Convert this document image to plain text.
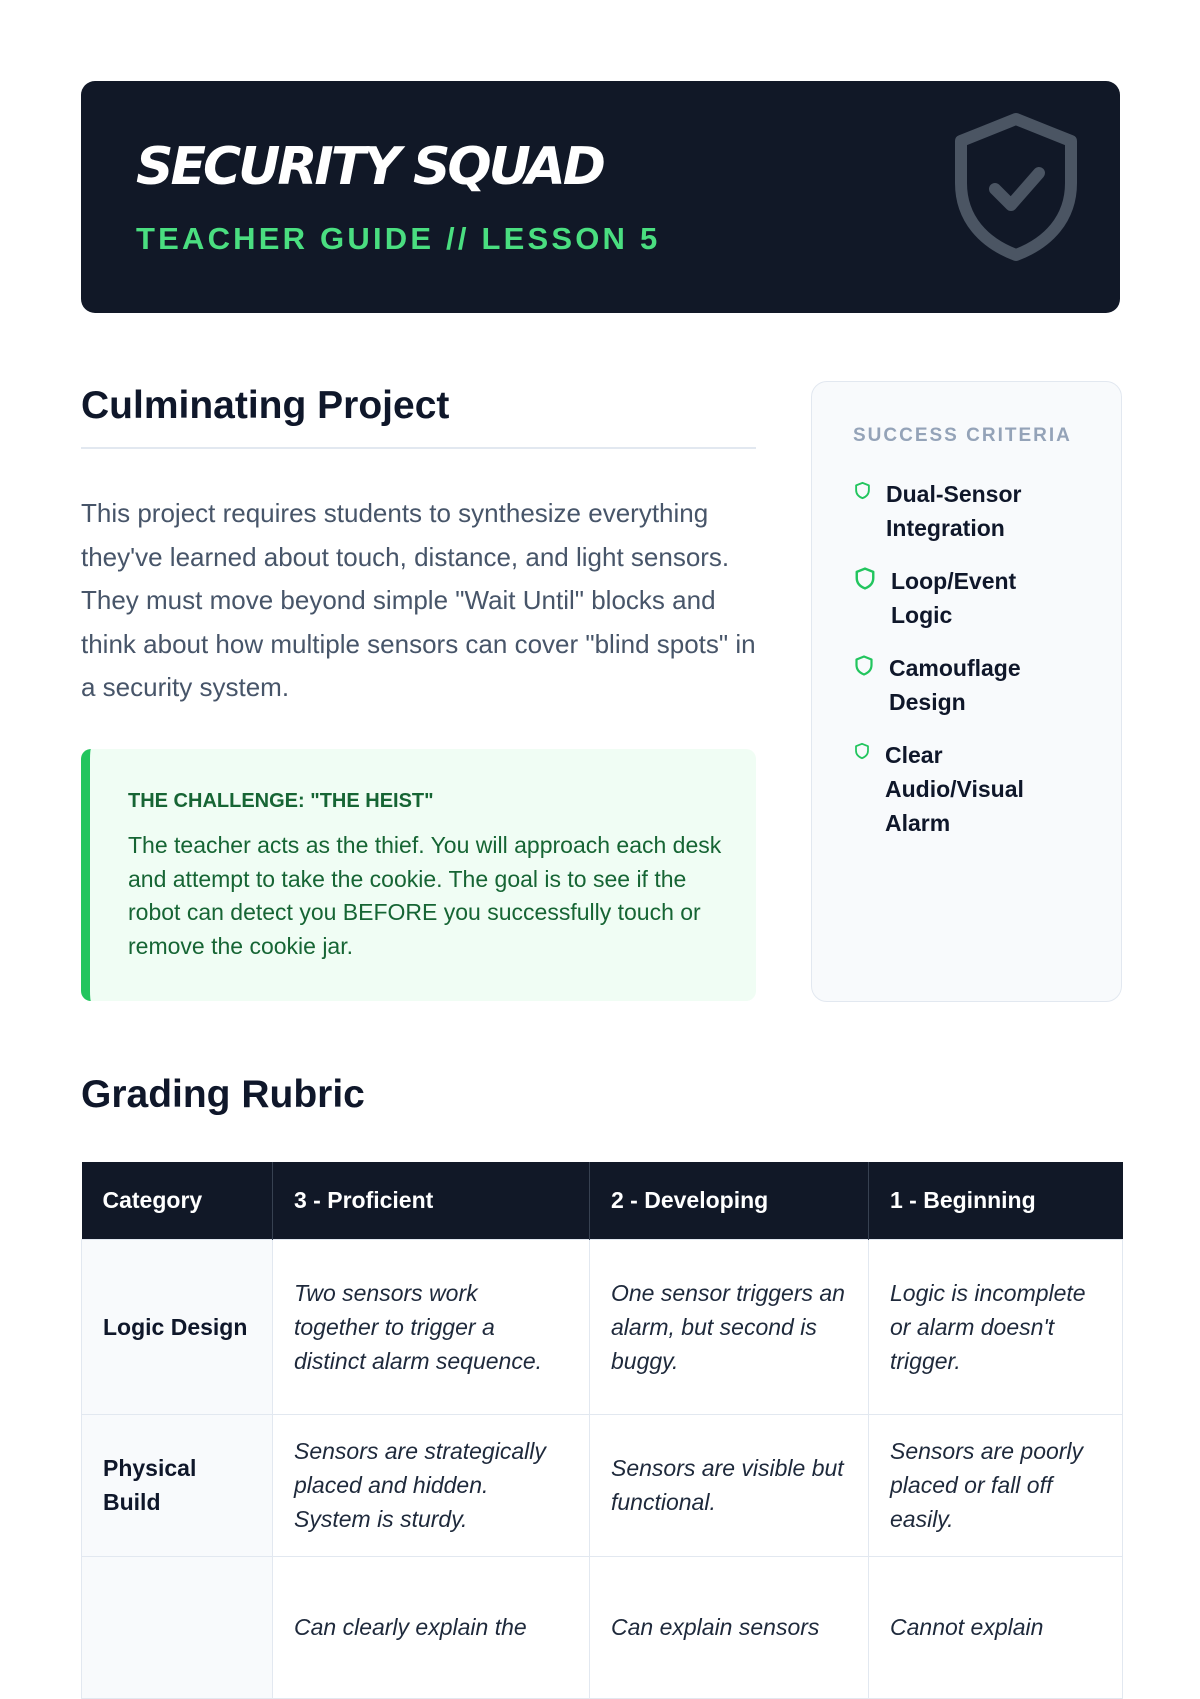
SECURITY SQUAD

TEACHER GUIDE // LESSON 5

Culminating Project

This project requires students to synthesize everything they've learned about touch, distance, and light sensors. They must move beyond simple "Wait Until" blocks and think about how multiple sensors can cover "blind spots" in a security system.

THE CHALLENGE: "THE HEIST"

The teacher acts as the thief. You will approach each desk and attempt to take the cookie. The goal is to see if the robot can detect you BEFORE you successfully touch or remove the cookie jar.

SUCCESS CRITERIA

Dual-Sensor Integration
Loop/Event Logic
Camouflage Design
Clear Audio/Visual Alarm
Grading Rubric
Category	3 - Proficient	2 - Developing	1 - Beginning
Logic Design	Two sensors work together to trigger a distinct alarm sequence.	One sensor triggers an alarm, but second is buggy.	Logic is incomplete or alarm doesn't trigger.
Physical Build	Sensors are strategically placed and hidden. System is sturdy.	Sensors are visible but functional.	Sensors are poorly placed or fall off easily.
	Can clearly explain the	Can explain sensors	Cannot explain
